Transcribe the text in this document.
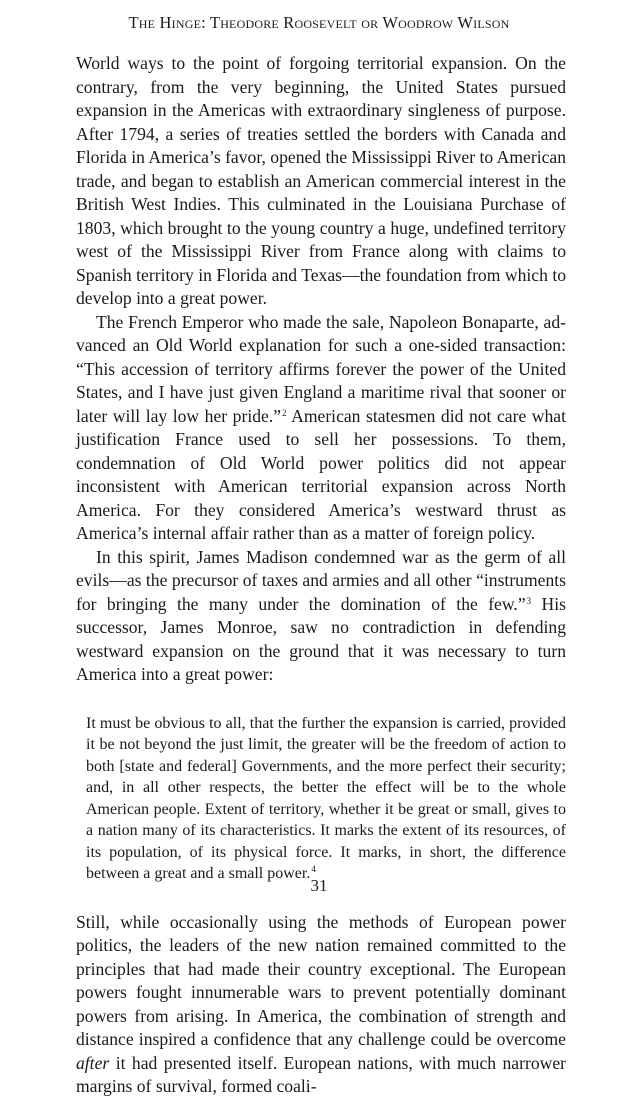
The Hinge: Theodore Roosevelt or Woodrow Wilson

World ways to the point of forgoing territorial expansion. On the contrary, from the very beginning, the United States pursued expansion in the Americas with extraordinary singleness of purpose. After 1794, a series of treaties settled the borders with Canada and Florida in America’s favor, opened the Mississippi River to American trade, and began to establish an American commercial interest in the British West Indies. This culminated in the Louisiana Purchase of 1803, which brought to the young country a huge, undefined territory west of the Mississippi River from France along with claims to Spanish territory in Florida and Texas—the foundation from which to develop into a great power.

The French Emperor who made the sale, Napoleon Bonaparte, advanced an Old World explanation for such a one-sided transaction: “This accession of territory affirms forever the power of the United States, and I have just given England a maritime rival that sooner or later will lay low her pride.”$^2$ American statesmen did not care what justification France used to sell her possessions. To them, condemnation of Old World power politics did not appear inconsistent with American territorial expansion across North America. For they considered America’s westward thrust as America’s internal affair rather than as a matter of foreign policy.

In this spirit, James Madison condemned war as the germ of all evils—as the precursor of taxes and armies and all other “instruments for bringing the many under the domination of the few.”$^3$ His successor, James Monroe, saw no contradiction in defending westward expansion on the ground that it was necessary to turn America into a great power:

It must be obvious to all, that the further the expansion is carried, provided it be not beyond the just limit, the greater will be the freedom of action to both [state and federal] Governments, and the more perfect their security; and, in all other respects, the better the effect will be to the whole American people. Extent of territory, whether it be great or small, gives to a nation many of its characteristics. It marks the extent of its resources, of its population, of its physical force. It marks, in short, the difference between a great and a small power.$^4$

Still, while occasionally using the methods of European power politics, the leaders of the new nation remained committed to the principles that had made their country exceptional. The European powers fought innumerable wars to prevent potentially dominant powers from arising. In America, the combination of strength and distance inspired a confidence that any challenge could be overcome after it had presented itself. European nations, with much narrower margins of survival, formed coali-

31
